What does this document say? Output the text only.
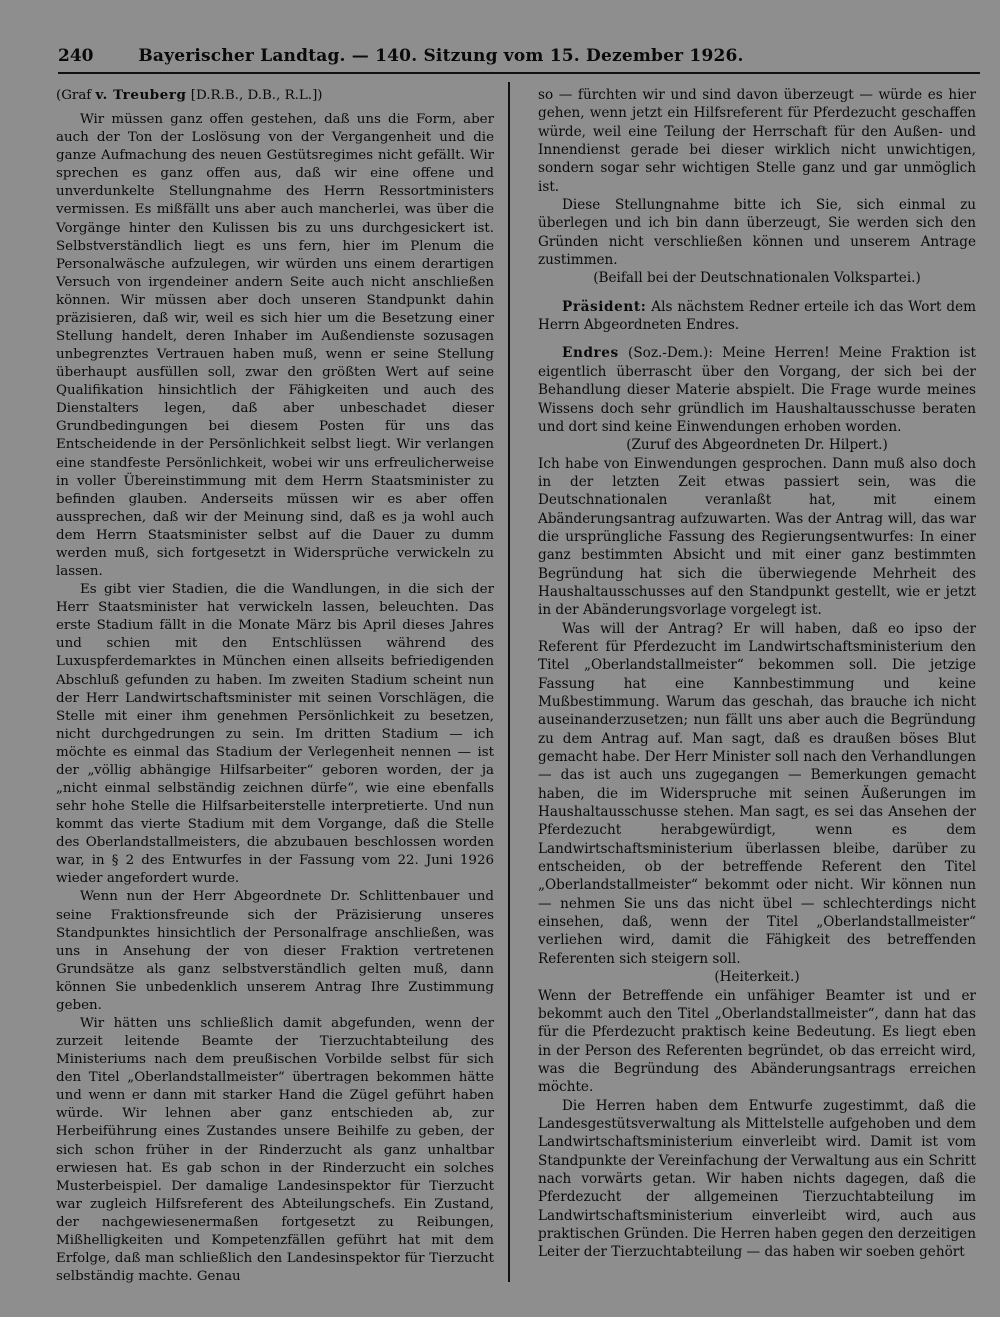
240	Bayerischer Landtag. — 140. Sitzung vom 15. Dezember 1926.

(Graf v. Treuberg [D.R.B., D.B., R.L.])

Wir müssen ganz offen gestehen, daß uns die Form, aber auch der Ton der Loslösung von der Vergangenheit und die ganze Aufmachung des neuen Gestütsregimes nicht gefällt. Wir sprechen es ganz offen aus, daß wir eine offene und unverdunkelte Stellungnahme des Herrn Ressortministers vermissen. Es mißfällt uns aber auch mancherlei, was über die Vorgänge hinter den Kulissen bis zu uns durchgesickert ist. Selbstverständlich liegt es uns fern, hier im Plenum die Personalwäsche aufzulegen, wir würden uns einem derartigen Versuch von irgendeiner andern Seite auch nicht anschließen können. Wir müssen aber doch unseren Standpunkt dahin präzisieren, daß wir, weil es sich hier um die Besetzung einer Stellung handelt, deren Inhaber im Außendienste sozusagen unbegrenztes Vertrauen haben muß, wenn er seine Stellung überhaupt ausfüllen soll, zwar den größten Wert auf seine Qualifikation hinsichtlich der Fähigkeiten und auch des Dienstalters legen, daß aber unbeschadet dieser Grundbedingungen bei diesem Posten für uns das Entscheidende in der Persönlichkeit selbst liegt. Wir verlangen eine standfeste Persönlichkeit, wobei wir uns erfreulicherweise in voller Übereinstimmung mit dem Herrn Staatsminister zu befinden glauben. Anderseits müssen wir es aber offen aussprechen, daß wir der Meinung sind, daß es ja wohl auch dem Herrn Staatsminister selbst auf die Dauer zu dumm werden muß, sich fortgesetzt in Widersprüche verwickeln zu lassen.

Es gibt vier Stadien, die die Wandlungen, in die sich der Herr Staatsminister hat verwickeln lassen, beleuchten. Das erste Stadium fällt in die Monate März bis April dieses Jahres und schien mit den Entschlüssen während des Luxuspferdemarktes in München einen allseits befriedigenden Abschluß gefunden zu haben. Im zweiten Stadium scheint nun der Herr Landwirtschaftsminister mit seinen Vorschlägen, die Stelle mit einer ihm genehmen Persönlichkeit zu besetzen, nicht durchgedrungen zu sein. Im dritten Stadium — ich möchte es einmal das Stadium der Verlegenheit nennen — ist der „völlig abhängige Hilfsarbeiter“ geboren worden, der ja „nicht einmal selbständig zeichnen dürfe“, wie eine ebenfalls sehr hohe Stelle die Hilfsarbeiterstelle interpretierte. Und nun kommt das vierte Stadium mit dem Vorgange, daß die Stelle des Oberlandstallmeisters, die abzubauen beschlossen worden war, in § 2 des Entwurfes in der Fassung vom 22. Juni 1926 wieder angefordert wurde.

Wenn nun der Herr Abgeordnete Dr. Schlittenbauer und seine Fraktionsfreunde sich der Präzisierung unseres Standpunktes hinsichtlich der Personalfrage anschließen, was uns in Ansehung der von dieser Fraktion vertretenen Grundsätze als ganz selbstverständlich gelten muß, dann können Sie unbedenklich unserem Antrag Ihre Zustimmung geben.

Wir hätten uns schließlich damit abgefunden, wenn der zurzeit leitende Beamte der Tierzuchtabteilung des Ministeriums nach dem preußischen Vorbilde selbst für sich den Titel „Oberlandstallmeister“ übertragen bekommen hätte und wenn er dann mit starker Hand die Zügel geführt haben würde. Wir lehnen aber ganz entschieden ab, zur Herbeiführung eines Zustandes unsere Beihilfe zu geben, der sich schon früher in der Rinderzucht als ganz unhaltbar erwiesen hat. Es gab schon in der Rinderzucht ein solches Musterbeispiel. Der damalige Landesinspektor für Tierzucht war zugleich Hilfsreferent des Abteilungschefs. Ein Zustand, der nachgewiesenermaßen fortgesetzt zu Reibungen, Mißhelligkeiten und Kompetenzfällen geführt hat mit dem Erfolge, daß man schließlich den Landesinspektor für Tierzucht selbständig machte. Genau

so — fürchten wir und sind davon überzeugt — würde es hier gehen, wenn jetzt ein Hilfsreferent für Pferdezucht geschaffen würde, weil eine Teilung der Herrschaft für den Außen- und Innendienst gerade bei dieser wirklich nicht unwichtigen, sondern sogar sehr wichtigen Stelle ganz und gar unmöglich ist.

Diese Stellungnahme bitte ich Sie, sich einmal zu überlegen und ich bin dann überzeugt, Sie werden sich den Gründen nicht verschließen können und unserem Antrage zustimmen.

(Beifall bei der Deutschnationalen Volkspartei.)

Präsident: Als nächstem Redner erteile ich das Wort dem Herrn Abgeordneten Endres.

Endres (Soz.-Dem.): Meine Herren! Meine Fraktion ist eigentlich überrascht über den Vorgang, der sich bei der Behandlung dieser Materie abspielt. Die Frage wurde meines Wissens doch sehr gründlich im Haushaltausschusse beraten und dort sind keine Einwendungen erhoben worden.

(Zuruf des Abgeordneten Dr. Hilpert.)

Ich habe von Einwendungen gesprochen. Dann muß also doch in der letzten Zeit etwas passiert sein, was die Deutschnationalen veranlaßt hat, mit einem Abänderungsantrag aufzuwarten. Was der Antrag will, das war die ursprüngliche Fassung des Regierungsentwurfes: In einer ganz bestimmten Absicht und mit einer ganz bestimmten Begründung hat sich die überwiegende Mehrheit des Haushaltausschusses auf den Standpunkt gestellt, wie er jetzt in der Abänderungsvorlage vorgelegt ist.

Was will der Antrag? Er will haben, daß eo ipso der Referent für Pferdezucht im Landwirtschaftsministerium den Titel „Oberlandstallmeister“ bekommen soll. Die jetzige Fassung hat eine Kannbestimmung und keine Mußbestimmung. Warum das geschah, das brauche ich nicht auseinanderzusetzen; nun fällt uns aber auch die Begründung zu dem Antrag auf. Man sagt, daß es draußen böses Blut gemacht habe. Der Herr Minister soll nach den Verhandlungen — das ist auch uns zugegangen — Bemerkungen gemacht haben, die im Widerspruche mit seinen Äußerungen im Haushaltausschusse stehen. Man sagt, es sei das Ansehen der Pferdezucht herabgewürdigt, wenn es dem Landwirtschaftsministerium überlassen bleibe, darüber zu entscheiden, ob der betreffende Referent den Titel „Oberlandstallmeister“ bekommt oder nicht. Wir können nun — nehmen Sie uns das nicht übel — schlechterdings nicht einsehen, daß, wenn der Titel „Oberlandstallmeister“ verliehen wird, damit die Fähigkeit des betreffenden Referenten sich steigern soll.

(Heiterkeit.)

Wenn der Betreffende ein unfähiger Beamter ist und er bekommt auch den Titel „Oberlandstallmeister“, dann hat das für die Pferdezucht praktisch keine Bedeutung. Es liegt eben in der Person des Referenten begründet, ob das erreicht wird, was die Begründung des Abänderungsantrags erreichen möchte.

Die Herren haben dem Entwurfe zugestimmt, daß die Landesgestütsverwaltung als Mittelstelle aufgehoben und dem Landwirtschaftsministerium einverleibt wird. Damit ist vom Standpunkte der Vereinfachung der Verwaltung aus ein Schritt nach vorwärts getan. Wir haben nichts dagegen, daß die Pferdezucht der allgemeinen Tierzuchtabteilung im Landwirtschaftsministerium einverleibt wird, auch aus praktischen Gründen. Die Herren haben gegen den derzeitigen Leiter der Tierzuchtabteilung — das haben wir soeben gehört
